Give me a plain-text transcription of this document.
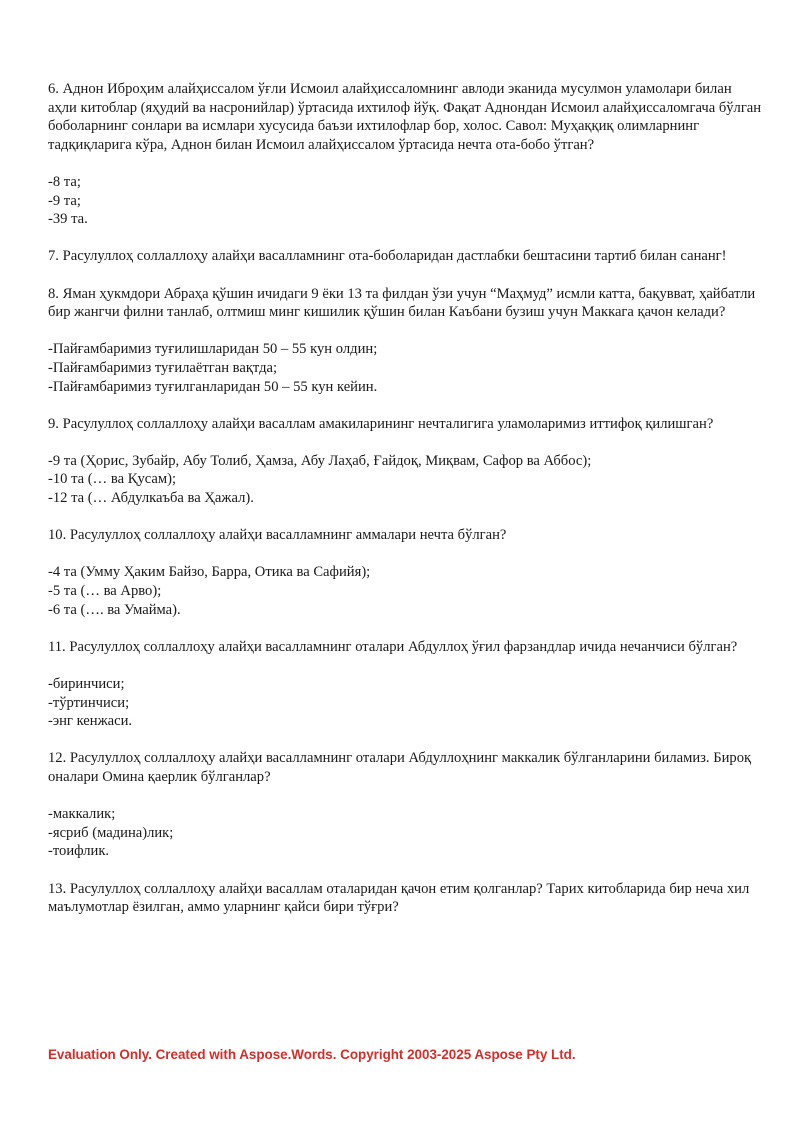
6. Аднон Иброҳим алайҳиссалом ўғли Исмоил алайҳиссаломнинг авлоди эканида мусулмон уламолари билан аҳли китоблар (яҳудий ва насронийлар) ўртасида ихтилоф йўқ. Фақат Аднондан Исмоил алайҳиссаломгача бўлган боболарнинг сонлари ва исмлари хусусида баъзи ихтилофлар бор, холос. Савол: Муҳаққиқ олимларнинг тадқиқларига кўра, Аднон билан Исмоил алайҳиссалом ўртасида нечта ота-бобо ўтган?

-8 та;
-9 та;
-39 та.

7. Расулуллоҳ соллаллоҳу алайҳи васалламнинг ота-боболаридан дастлабки бештасини тартиб билан сананг!

8. Яман ҳукмдори Абраҳа қўшин ичидаги 9 ёки 13 та филдан ўзи учун “Маҳмуд” исмли катта, бақувват, ҳайбатли бир жангчи филни танлаб, олтмиш минг кишилик қўшин билан Каъбани бузиш учун Маккага қачон келади?

-Пайғамбаримиз туғилишларидан 50 – 55 кун олдин;
-Пайғамбаримиз туғилаётган вақтда;
-Пайғамбаримиз туғилганларидан 50 – 55 кун кейин.

9. Расулуллоҳ соллаллоҳу алайҳи васаллам амакиларининг нечталигига уламоларимиз иттифоқ қилишган?

-9 та (Ҳорис, Зубайр, Абу Толиб, Ҳамза, Абу Лаҳаб, Ғайдоқ, Миқвам, Сафор ва Аббос);
-10 та (… ва Қусам);
-12 та (… Абдулкаъба ва Ҳажал).

10. Расулуллоҳ соллаллоҳу алайҳи васалламнинг аммалари нечта бўлган?

-4 та (Умму Ҳаким Байзо, Барра, Отика ва Сафийя);
-5 та (… ва Арво);
-6 та (…. ва Умайма).

11. Расулуллоҳ соллаллоҳу алайҳи васалламнинг оталари Абдуллоҳ ўғил фарзандлар ичида нечанчиси бўлган?

-биринчиси;
-тўртинчиси;
-энг кенжаси.

12. Расулуллоҳ соллаллоҳу алайҳи васалламнинг оталари Абдуллоҳнинг маккалик бўлганларини биламиз. Бироқ оналари Омина қаерлик бўлганлар?

-маккалик;
-ясриб (мадина)лик;
-тоифлик.

13. Расулуллоҳ соллаллоҳу алайҳи васаллам оталаридан қачон етим қолганлар? Тарих китобларида бир неча хил маълумотлар ёзилган, аммо уларнинг қайси бири тўғри?

Evaluation Only. Created with Aspose.Words. Copyright 2003-2025 Aspose Pty Ltd.
